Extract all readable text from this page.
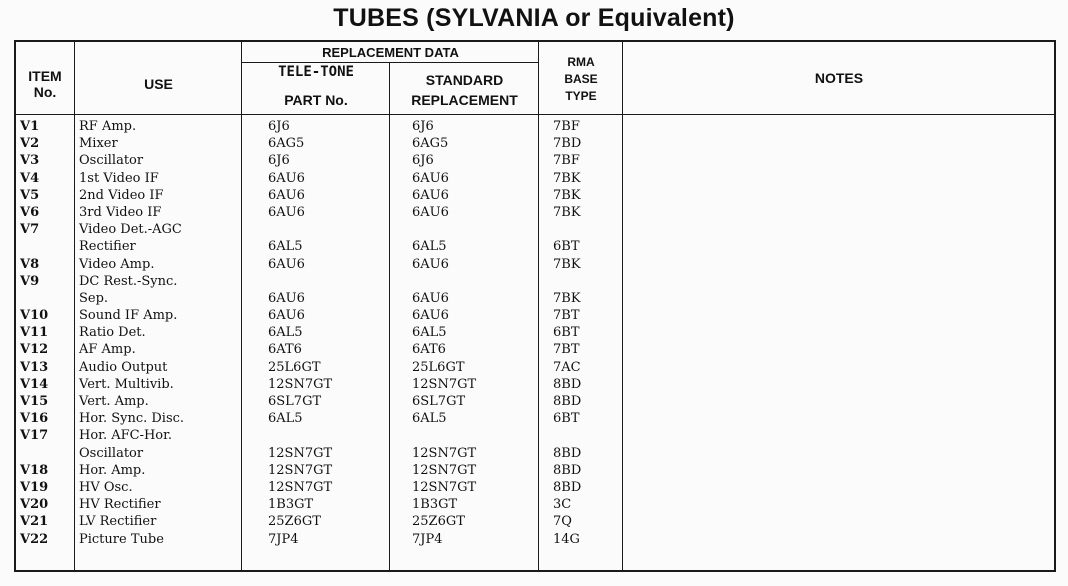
TUBES (SYLVANIA or Equivalent)
ITEM
No.	USE
REPLACEMENT DATA
TELE-TONE
PART No.
STANDARD
REPLACEMENT
RMA
BASE
TYPE
NOTES
V1	RF Amp.	6J6	6J6	7BF
V2	Mixer	6AG5	6AG5	7BD
V3	Oscillator	6J6	6J6	7BF
V4	1st Video IF	6AU6	6AU6	7BK
V5	2nd Video IF	6AU6	6AU6	7BK
V6	3rd Video IF	6AU6	6AU6	7BK
V7	Video Det.-AGC
Rectifier	6AL5	6AL5	6BT
V8	Video Amp.	6AU6	6AU6	7BK
V9	DC Rest.-Sync.
Sep.	6AU6	6AU6	7BK
V10 Sound IF Amp.	6AU6	6AU6	7BT
V11 Ratio Det.	6AL5	6AL5	6BT
V12 AF Amp.	6AT6	6AT6	7BT
V13 Audio Output	25L6GT	25L6GT	7AC
V14 Vert. Multivib.	12SN7GT	12SN7GT	8BD
V15 Vert. Amp.	6SL7GT	6SL7GT	8BD
V16 Hor. Sync. Disc.	6AL5	6AL5	6BT
V17 Hor. AFC-Hor.
Oscillator	12SN7GT	12SN7GT	8BD
V18 Hor. Amp.	12SN7GT	12SN7GT	8BD
V19 HV Osc.	12SN7GT	12SN7GT	8BD
V20 HV Rectifier	1B3GT	1B3GT	3C
V21 LV Rectifier	25Z6GT	25Z6GT	7Q
V22 Picture Tube	7JP4	7JP4	14G
